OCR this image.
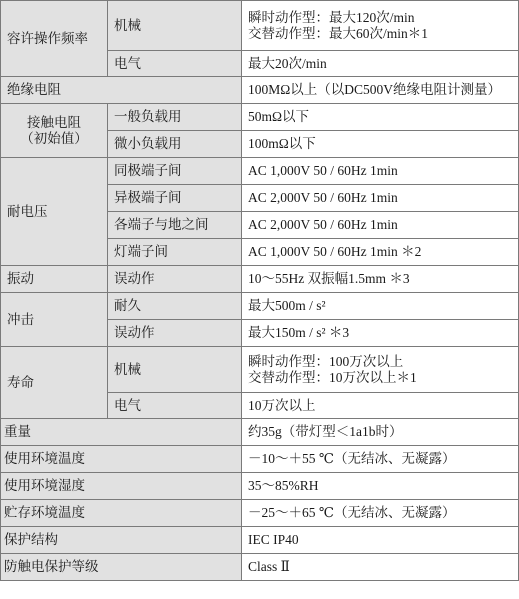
容许操作频率	机械	瞬时动作型：最大120次/min
交替动作型：最大60次/min＊1

	电气	最大20次/min
绝缘电阻		100MΩ以上（以DC500V绝缘电阻计测量）

接触电阻
（初始值）	一般负载用	50mΩ以下
	微小负载用	100mΩ以下
耐电压	同极端子间	AC 1,000V 50 / 60Hz 1min
	异极端子间	AC 2,000V 50 / 60Hz 1min
	各端子与地之间	AC 2,000V 50 / 60Hz 1min
	灯端子间	AC 1,000V 50 / 60Hz 1min ＊2
振动	误动作	10～55Hz 双振幅1.5mm ＊3
冲击	耐久	最大500m / s²
	误动作	最大150m / s² ＊3
寿命	机械	瞬时动作型：100万次以上
交替动作型：10万次以上＊1

	电气	10万次以上
重量		约35g（带灯型＜1a1b时）
使用环境温度		－10～＋55 ℃（无结冰、无凝露）
使用环境湿度		35～85%RH
贮存环境温度		－25～＋65 ℃（无结冰、无凝露）
保护结构		IEC IP40
防触电保护等级		Class Ⅱ
